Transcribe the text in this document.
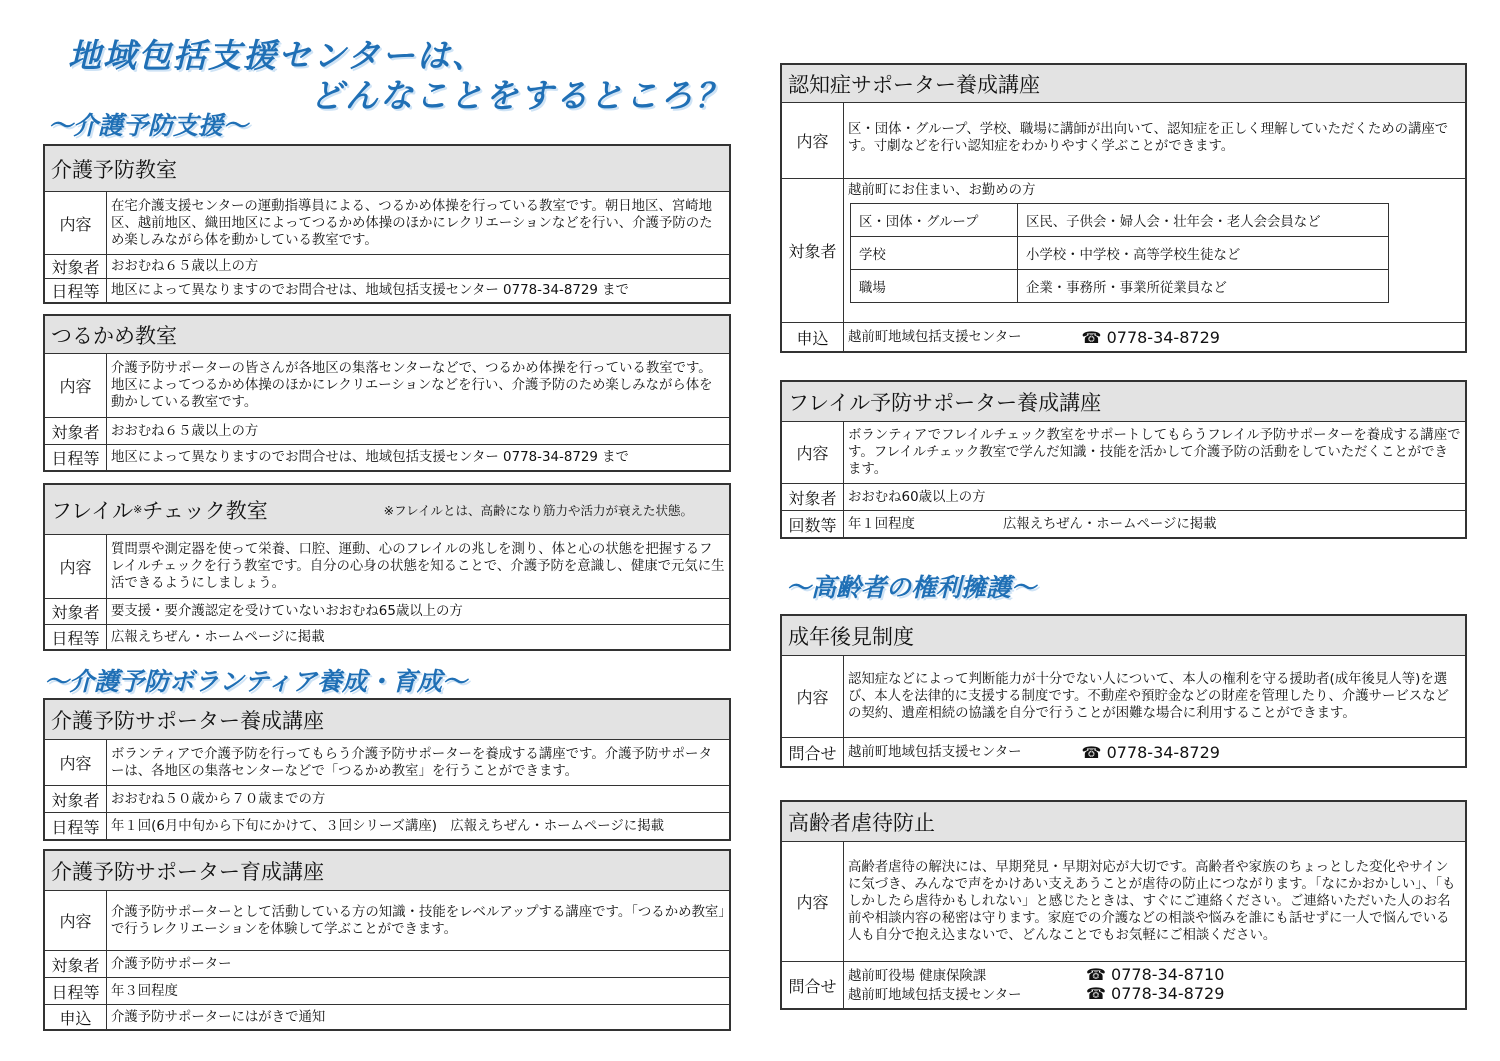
地域包括支援センターは、
どんなことをするところ？
～介護予防支援～
介護予防教室
内容
在宅介護支援センターの運動指導員による、つるかめ体操を行っている教室です。朝日地区、宮崎地区、越前地区、織田地区によってつるかめ体操のほかにレクリエーションなどを行い、介護予防のため楽しみながら体を動かしている教室です。
対象者 おおむね６５歳以上の方
日程等 地区によって異なりますのでお問合せは、地域包括支援センター 0778-34-8729 まで
つるかめ教室
内容
介護予防サポーターの皆さんが各地区の集落センターなどで、つるかめ体操を行っている教室です。地区によってつるかめ体操のほかにレクリエーションなどを行い、介護予防のため楽しみながら体を動かしている教室です。
対象者 おおむね６５歳以上の方
日程等 地区によって異なりますのでお問合せは、地域包括支援センター 0778-34-8729 まで
フレイル ※ チェック教室	※フレイルとは、高齢になり筋力や活力が衰えた状態。
内容
質問票や測定器を使って栄養、口腔、運動、心のフレイルの兆しを測り、体と心の状態を把握するフレイルチェックを行う教室です。自分の心身の状態を知ることで、介護予防を意識し、健康で元気に生活できるようにしましょう。
対象者 要支援・要介護認定を受けていないおおむね65歳以上の方
日程等 広報えちぜん・ホームページに掲載
～介護予防ボランティア養成・育成～
介護予防サポーター養成講座
内容	ボランティアで介護予防を行ってもらう介護予防サポーターを養成する講座です。介護予防サポーターは、各地区の集落センターなどで「つるかめ教室」を行うことができます。
対象者 おおむね５０歳から７０歳までの方
日程等 年１回(6月中旬から下旬にかけて、３回シリーズ講座)　広報えちぜん・ホームページに掲載
介護予防サポーター育成講座
内容	介護予防サポーターとして活動している方の知識・技能をレベルアップする講座です。「つるかめ教室」で行うレクリエーションを体験して学ぶことができます。
対象者 介護予防サポーター
日程等 年３回程度
申込	介護予防サポーターにはがきで通知
認知症サポーター養成講座
内容
区・団体・グループ、学校、職場に講師が出向いて、認知症を正しく理解していただくための講座です。寸劇などを行い認知症をわかりやすく学ぶことができます。
対象者
越前町にお住まい、お勤めの方
区・団体・グループ	区民、子供会・婦人会・壮年会・老人会会員など
学校	小学校・中学校・高等学校生徒など
職場	企業・事務所・事業所従業員など
申込	越前町地域包括支援センター	☎ 0778-34-8729
フレイル予防サポーター養成講座
内容
ボランティアでフレイルチェック教室をサポートしてもらうフレイル予防サポーターを養成する講座です。フレイルチェック教室で学んだ知識・技能を活かして介護予防の活動をしていただくことができます。
対象者 おおむね60歳以上の方
回数等 年１回程度	広報えちぜん・ホームページに掲載
～高齢者の権利擁護～
成年後見制度
内容
認知症などによって判断能力が十分でない人について、本人の権利を守る援助者(成年後見人等)を選び、本人を法律的に支援する制度です。不動産や預貯金などの財産を管理したり、介護サービスなどの契約、遺産相続の協議を自分で行うことが困難な場合に利用することができます。
問合せ 越前町地域包括支援センター	☎ 0778-34-8729
高齢者虐待防止
内容
高齢者虐待の解決には、早期発見・早期対応が大切です。高齢者や家族のちょっとした変化やサインに気づき、みんなで声をかけあい支えあうことが虐待の防止につながります。「なにかおかしい」、「もしかしたら虐待かもしれない」と感じたときは、すぐにご連絡ください。ご連絡いただいた人のお名前や相談内容の秘密は守ります。家庭での介護などの相談や悩みを誰にも話せずに一人で悩んでいる人も自分で抱え込まないで、どんなことでもお気軽にご相談ください。
問合せ 越前町役場 健康保険課	☎ 0778-34-8710
越前町地域包括支援センター	☎ 0778-34-8729
